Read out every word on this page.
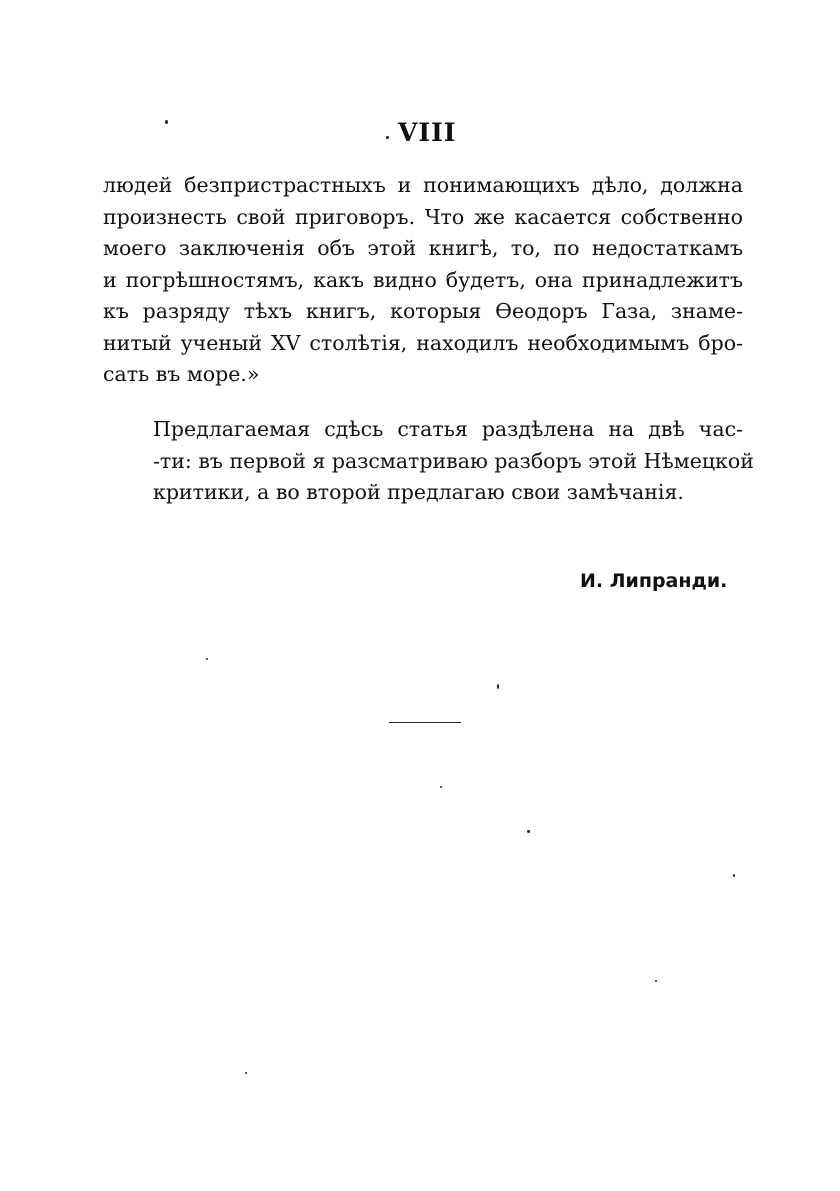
VIII

людей безпристрастныхъ и понимающихъ дѣло, должна
произнесть свой приговоръ. Что же касается собственно
моего заключенія объ этой книгѣ, то, по недостаткамъ
и погрѣшностямъ, какъ видно будетъ, она принадлежитъ
къ разряду тѣхъ книгъ, которыя Ѳеодоръ Газа, знаме-
нитый ученый XV столѣтія, находилъ необходимымъ бро-
сать въ море.»

Предлагаемая сдѣсь статья раздѣлена на двѣ час-
-ти: въ первой я разсматриваю разборъ этой Нѣмецкой
критики, а во второй предлагаю свои замѣчанія.

И. Липранди.
